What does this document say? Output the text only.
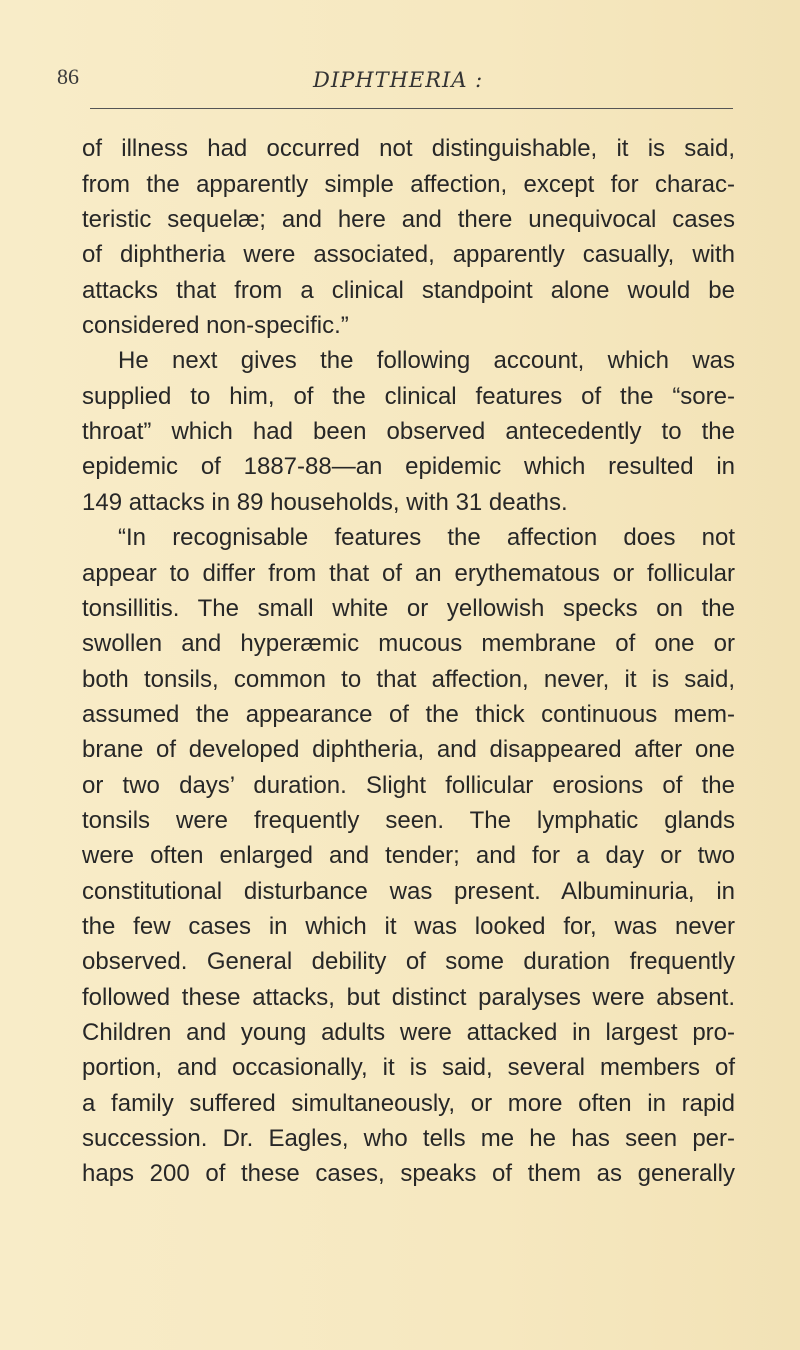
86	DIPHTHERIA :
of illness had occurred not distinguishable, it is said,
from the apparently simple affection, except for charac-
teristic sequelæ; and here and there unequivocal cases
of diphtheria were associated, apparently casually, with
attacks that from a clinical standpoint alone would be
considered non-specific.”
He next gives the following account, which was
supplied to him, of the clinical features of the “sore-
throat” which had been observed antecedently to the
epidemic of 1887-88—an epidemic which resulted in
149 attacks in 89 households, with 31 deaths.
“In recognisable features the affection does not
appear to differ from that of an erythematous or follicular
tonsillitis. The small white or yellowish specks on the
swollen and hyperæmic mucous membrane of one or
both tonsils, common to that affection, never, it is said,
assumed the appearance of the thick continuous mem-
brane of developed diphtheria, and disappeared after one
or two days’ duration. Slight follicular erosions of the
tonsils were frequently seen. The lymphatic glands
were often enlarged and tender; and for a day or two
constitutional disturbance was present. Albuminuria, in
the few cases in which it was looked for, was never
observed. General debility of some duration frequently
followed these attacks, but distinct paralyses were absent.
Children and young adults were attacked in largest pro-
portion, and occasionally, it is said, several members of
a family suffered simultaneously, or more often in rapid
succession. Dr. Eagles, who tells me he has seen per-
haps 200 of these cases, speaks of them as generally
